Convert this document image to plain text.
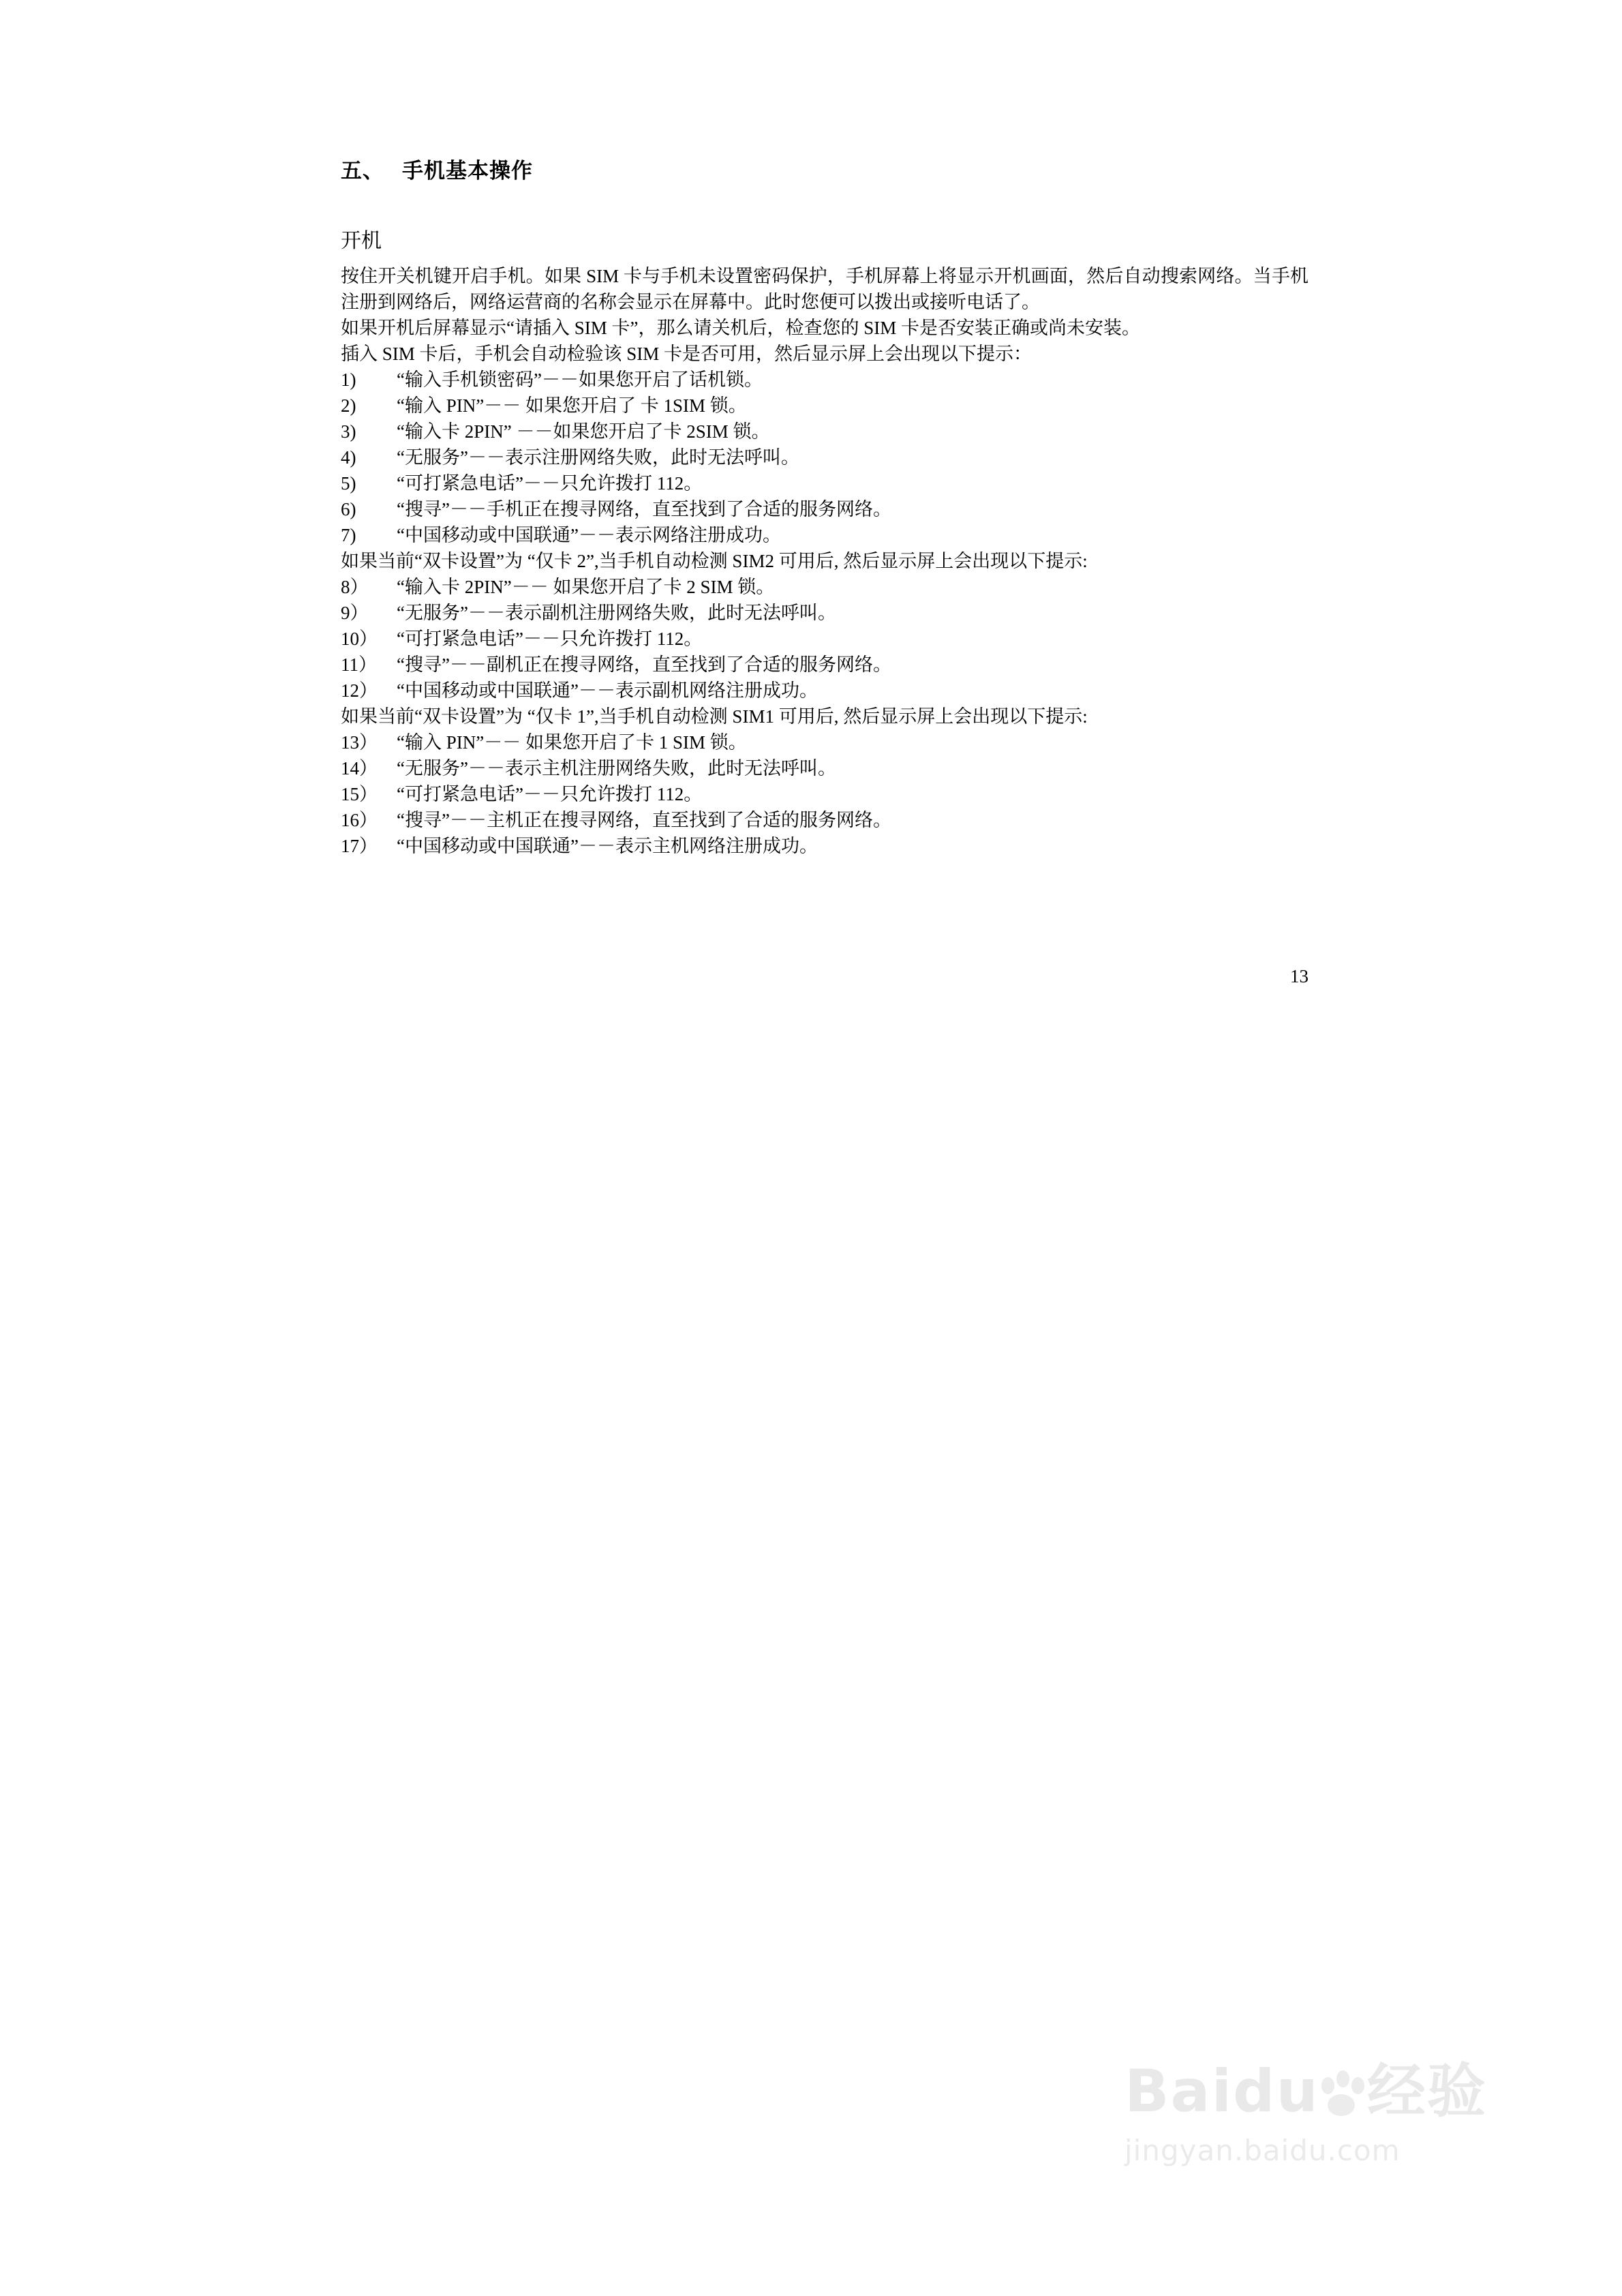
五、 手机基本操作
开机

按住开关机键开启手机。如果 SIM 卡与手机未设置密码保护，手机屏幕上将显示开机画面，然后自动搜索网络。当手机注册到网络后，网络运营商的名称会显示在屏幕中。此时您便可以拨出或接听电话了。

如果开机后屏幕显示“请插入 SIM 卡”，那么请关机后，检查您的 SIM 卡是否安装正确或尚未安装。

插入 SIM 卡后，手机会自动检验该 SIM 卡是否可用，然后显示屏上会出现以下提示：

1)	“输入手机锁密码”－－如果您开启了话机锁。
2)	“输入 PIN”－－ 如果您开启了 卡 1SIM 锁。
3)	“输入卡 2PIN” －－如果您开启了卡 2SIM 锁。
4)	“无服务”－－表示注册网络失败，此时无法呼叫。
5)	“可打紧急电话”－－只允许拨打 112。
6)	“搜寻”－－手机正在搜寻网络，直至找到了合适的服务网络。
7)	“中国移动或中国联通”－－表示网络注册成功。

如果当前“双卡设置”为 “仅卡 2”,当手机自动检测 SIM2 可用后, 然后显示屏上会出现以下提示:

8）	“输入卡 2PIN”－－ 如果您开启了卡 2 SIM 锁。
9）	“无服务”－－表示副机注册网络失败，此时无法呼叫。
10）	“可打紧急电话”－－只允许拨打 112。
11）	“搜寻”－－副机正在搜寻网络，直至找到了合适的服务网络。
12）	“中国移动或中国联通”－－表示副机网络注册成功。

如果当前“双卡设置”为 “仅卡 1”,当手机自动检测 SIM1 可用后, 然后显示屏上会出现以下提示:

13）	“输入 PIN”－－ 如果您开启了卡 1 SIM 锁。
14）	“无服务”－－表示主机注册网络失败，此时无法呼叫。
15）	“可打紧急电话”－－只允许拨打 112。
16）	“搜寻”－－主机正在搜寻网络，直至找到了合适的服务网络。
17）	“中国移动或中国联通”－－表示主机网络注册成功。
13
Baidu 经验
jingyan.baidu.com
